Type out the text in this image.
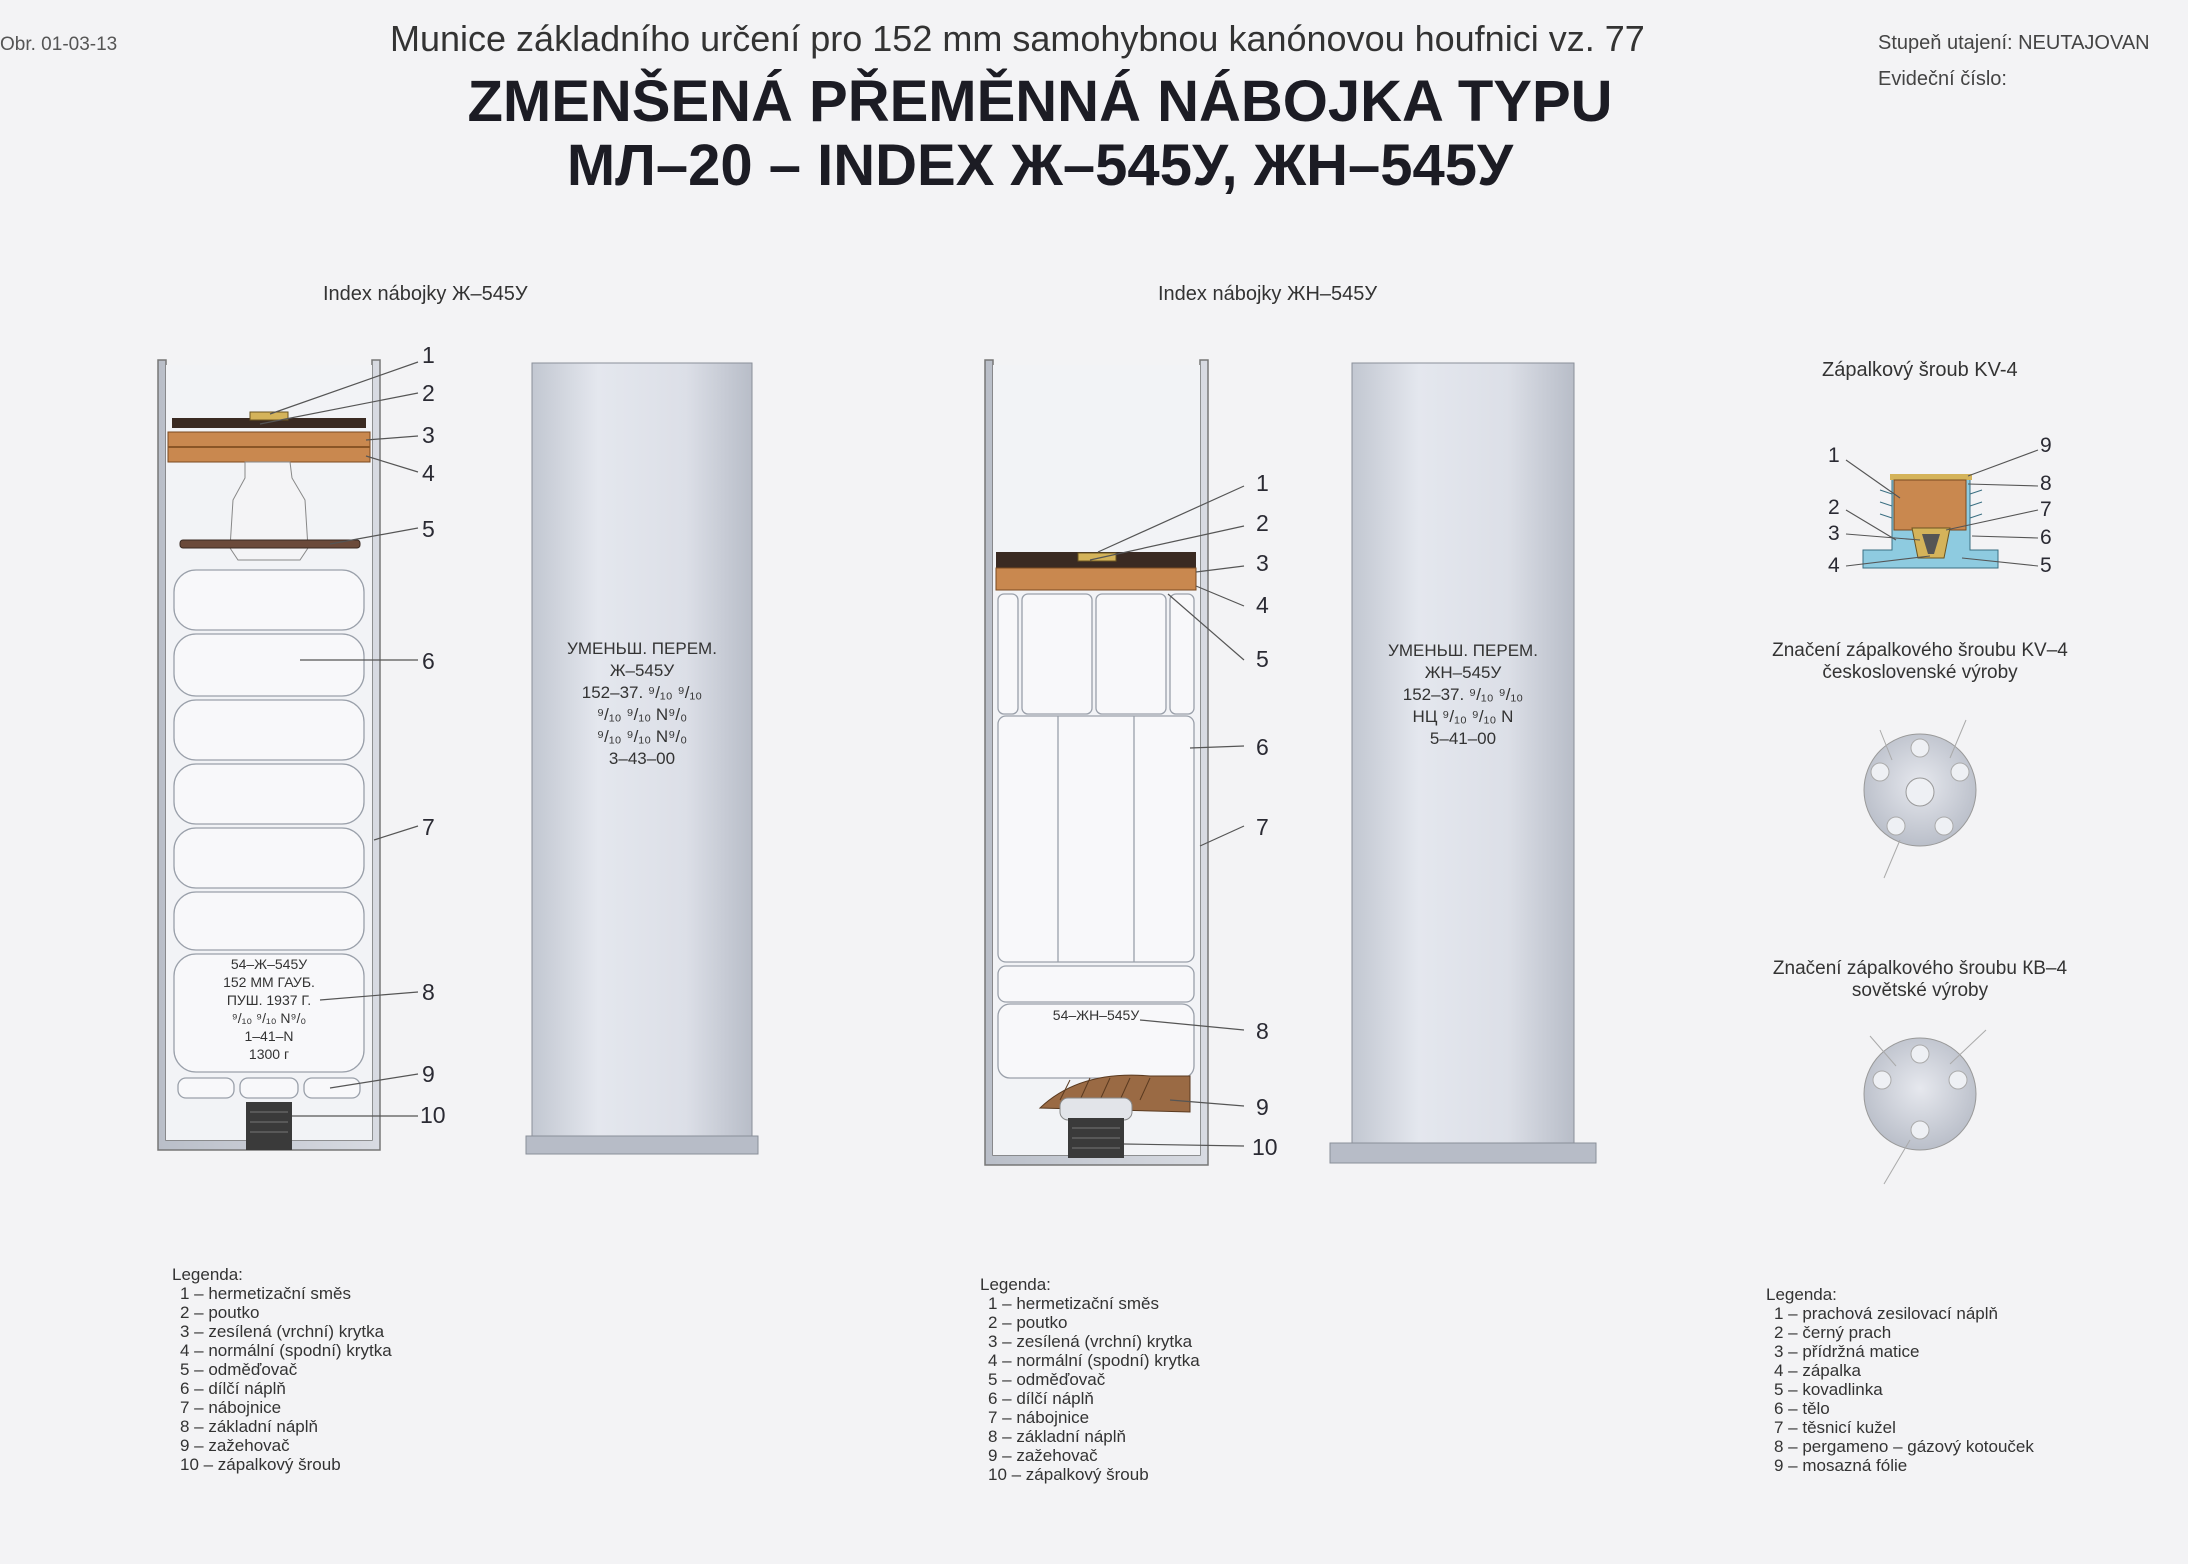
Obr. 01-03-13	Munice základního určení pro 152 mm samohybnou kanónovou houfnici vz. 77
ZMENŠENÁ PŘEMĚNNÁ NÁBOJKA TYPU
МЛ–20 – INDEX Ж–545У, ЖН–545У
Stupeň utajení: NEUTAJOVAN
Evideční číslo:
Index nábojky Ж–545У	Index nábojky ЖН–545У
Zápalkový šroub KV-4
УМЕНЬШ. ПЕРЕМ.
Ж–545У
152–37. ⁹/₁₀ ⁹/₁₀
⁹/₁₀ ⁹/₁₀ N⁹/₀
⁹/₁₀ ⁹/₁₀ N⁹/₀
3–43–00
УМЕНЬШ. ПЕРЕМ.
ЖН–545У
152–37. ⁹/₁₀ ⁹/₁₀
НЦ ⁹/₁₀ ⁹/₁₀ N
5–41–00
54–Ж–545У
152 ММ ГАУБ.
ПУШ. 1937 Г.
⁹/₁₀ ⁹/₁₀ N⁹/₀
1–41–N
1300 г
54–ЖН–545У
1
2
3
4
5
6
7
8
9
10
1
2
3
4
5
6
7
8
9
10
1
2
3
4
9
8
7
6
5
Značení zápalkového šroubu KV–4 československé výroby
Značení zápalkového šroubu КВ–4 sovětské výroby
Legenda:
1 – hermetizační směs
2 – poutko
3 – zesílená (vrchní) krytka
4 – normální (spodní) krytka
5 – odměďovač
6 – dílčí náplň
7 – nábojnice
8 – základní náplň
9 – zažehovač
10 – zápalkový šroub
Legenda:
1 – hermetizační směs
2 – poutko
3 – zesílená (vrchní) krytka
4 – normální (spodní) krytka
5 – odměďovač
6 – dílčí náplň
7 – nábojnice
8 – základní náplň
9 – zažehovač
10 – zápalkový šroub
Legenda:
1 – prachová zesilovací náplň
2 – černý prach
3 – přídržná matice
4 – zápalka
5 – kovadlinka
6 – tělo
7 – těsnicí kužel
8 – pergameno – gázový kotouček
9 – mosazná fólie
